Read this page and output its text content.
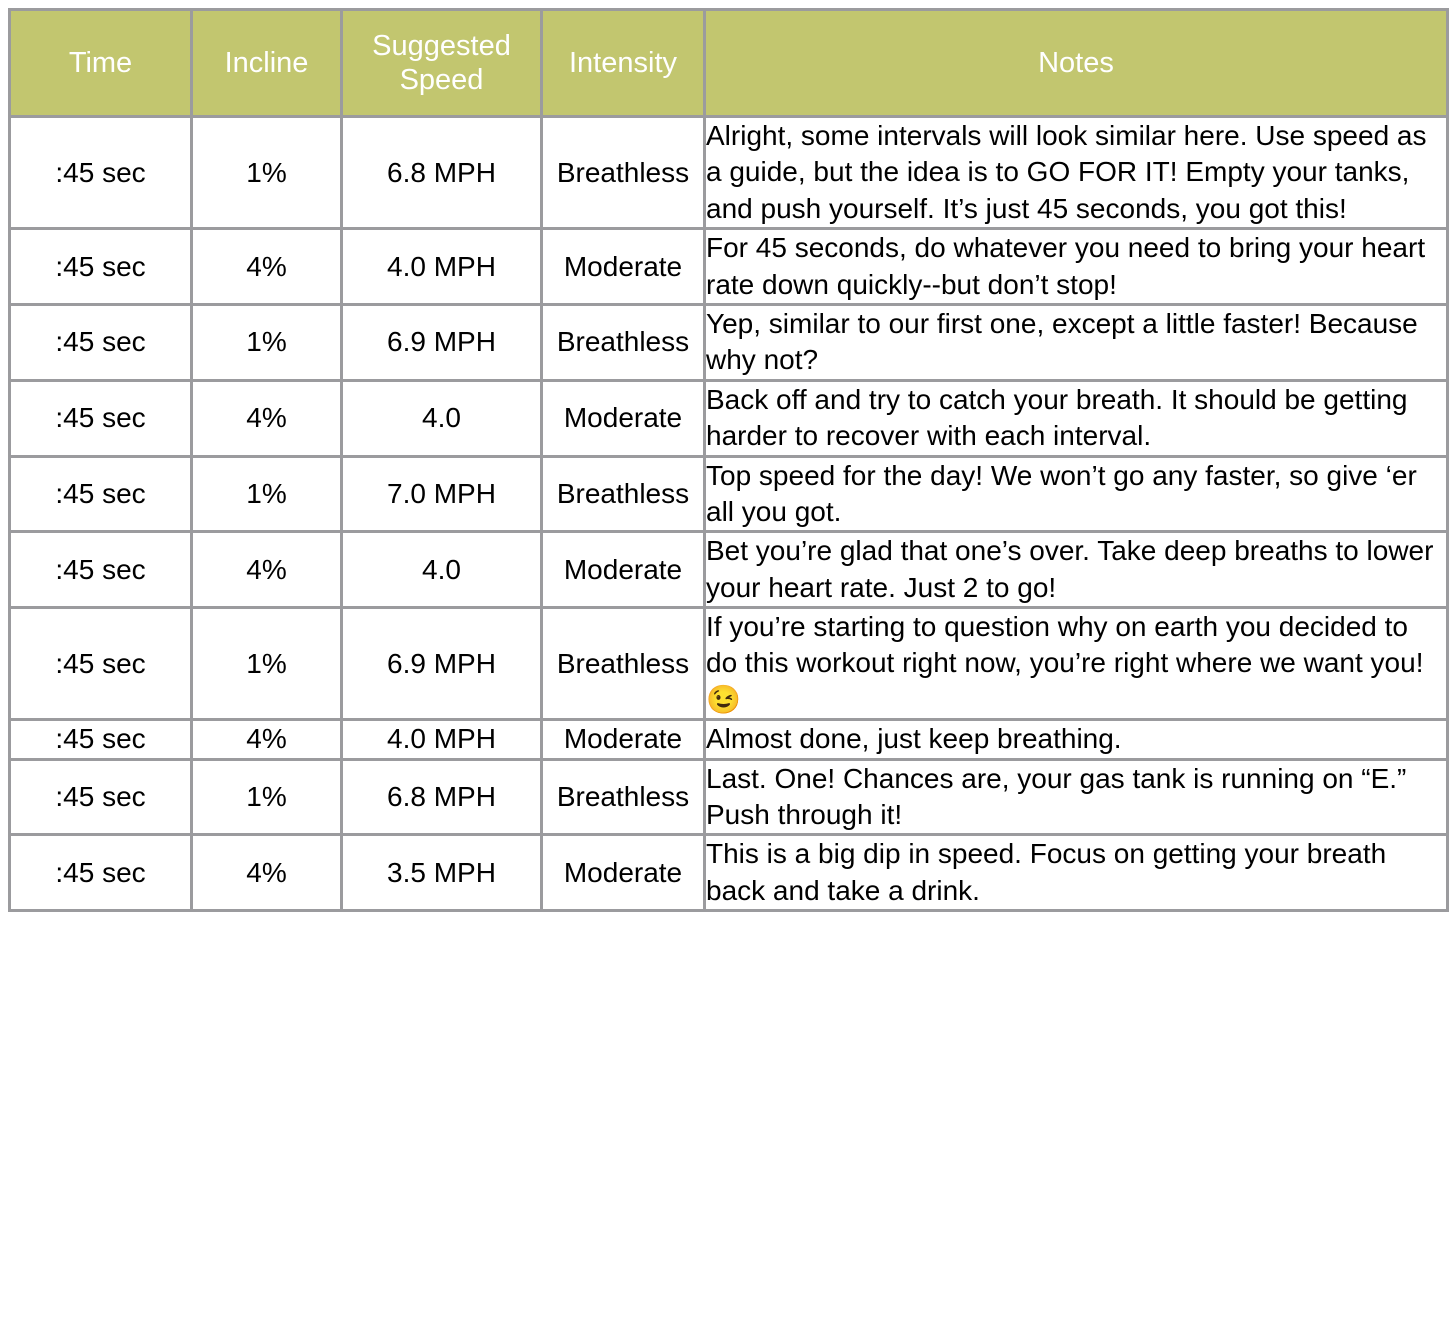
Time	Incline	Suggested Speed	Intensity	Notes
:45 sec	1%	6.8 MPH	Breathless	Alright, some intervals will look similar here. Use speed as a guide, but the idea is to GO FOR IT! Empty your tanks, and push yourself. It’s just 45 seconds, you got this!
:45 sec	4%	4.0 MPH	Moderate	For 45 seconds, do whatever you need to bring your heart rate down quickly--but don’t stop!
:45 sec	1%	6.9 MPH	Breathless	Yep, similar to our first one, except a little faster! Because why not?
:45 sec	4%	4.0	Moderate	Back off and try to catch your breath. It should be getting harder to recover with each interval.
:45 sec	1%	7.0 MPH	Breathless	Top speed for the day! We won’t go any faster, so give ‘er all you got.
:45 sec	4%	4.0	Moderate	Bet you’re glad that one’s over. Take deep breaths to lower your heart rate. Just 2 to go!
:45 sec	1%	6.9 MPH	Breathless	If you’re starting to question why on earth you decided to do this workout right now, you’re right where we want you! 😉
:45 sec	4%	4.0 MPH	Moderate	Almost done, just keep breathing.
:45 sec	1%	6.8 MPH	Breathless	Last. One! Chances are, your gas tank is running on “E.” Push through it!
:45 sec	4%	3.5 MPH	Moderate	This is a big dip in speed. Focus on getting your breath back and take a drink.
